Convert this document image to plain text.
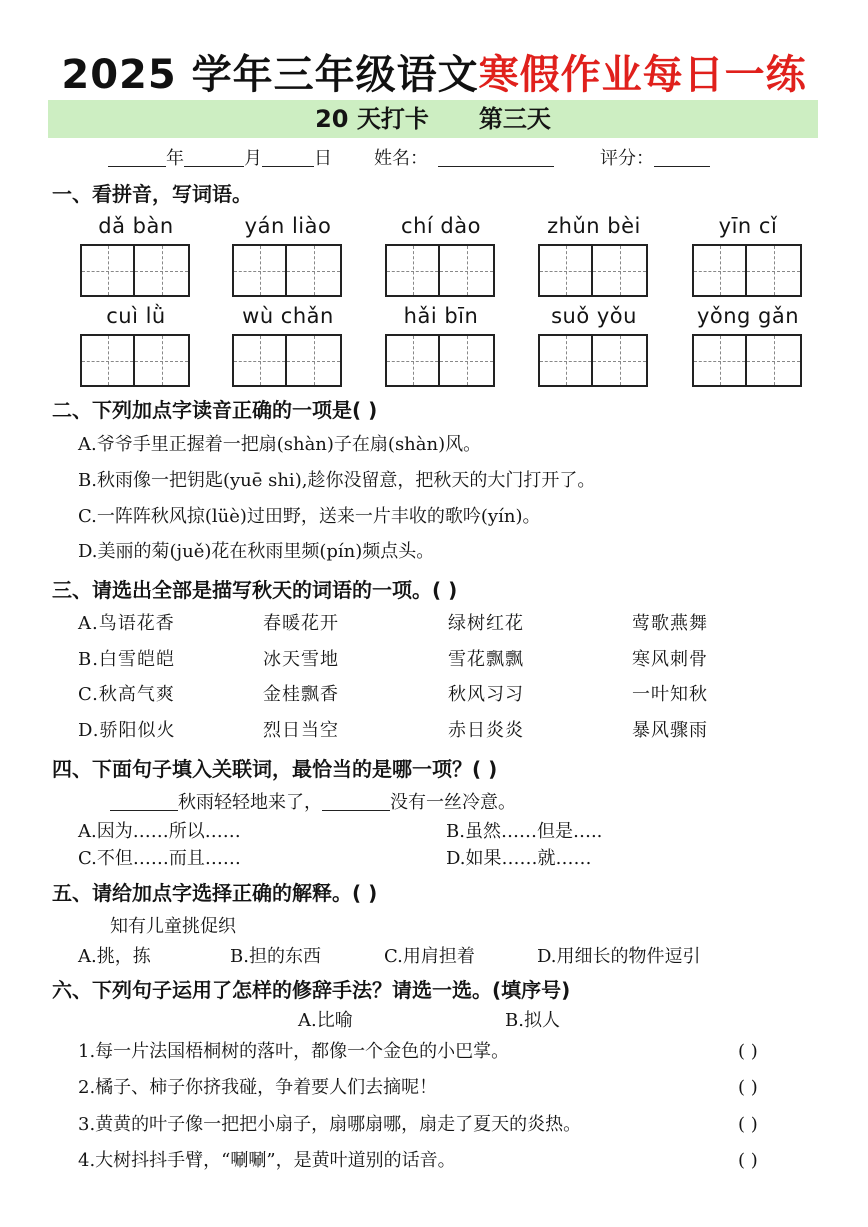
2025 学年三年级语文寒假作业每日一练
20 天打卡 第三天
年	月	日 姓名：	评分：
一、看拼音，写词语。
dǎ bàn	yán liào	chí dào	zhǔn bèi	yīn cǐ
cuì lǜ	wù chǎn	hǎi bīn	suǒ yǒu	yǒng gǎn
二、下列加点字读音正确的一项是( )
A.爷爷手里正握着一把扇(shàn)子在扇(shàn)风。
B.秋雨像一把钥匙(yuē shi),趁你没留意，把秋天的大门打开了。
C.一阵阵秋风掠(lüè)过田野，送来一片丰收的歌吟(yín)。
D.美丽的菊(juě)花在秋雨里频(pín)频点头。
三、请选出全部是描写秋天的词语的一项。( )
A.鸟语花香	春暖花开	绿树红花	莺歌燕舞
B.白雪皑皑	冰天雪地	雪花飘飘	寒风刺骨
C.秋高气爽	金桂飘香	秋风习习	一叶知秋
D.骄阳似火	烈日当空	赤日炎炎	暴风骤雨
四、下面句子填入关联词，最恰当的是哪一项？( )
秋雨轻轻地来了，	没有一丝冷意。
A.因为……所以……	B.虽然……但是…..
C.不但……而且……	D.如果……就……
五、请给加点字选择正确的解释。( )
知有儿童挑促织
A.挑，拣	B.担的东西	C.用肩担着	D.用细长的物件逗引
六、下列句子运用了怎样的修辞手法？请选一选。(填序号)
A.比喻	B.拟人
1.每一片法国梧桐树的落叶，都像一个金色的小巴掌。	( )
2.橘子、柿子你挤我碰，争着要人们去摘呢！	( )
3.黄黄的叶子像一把把小扇子，扇哪扇哪，扇走了夏天的炎热。	( )
4.大树抖抖手臂，“唰唰”，是黄叶道别的话音。	( )
